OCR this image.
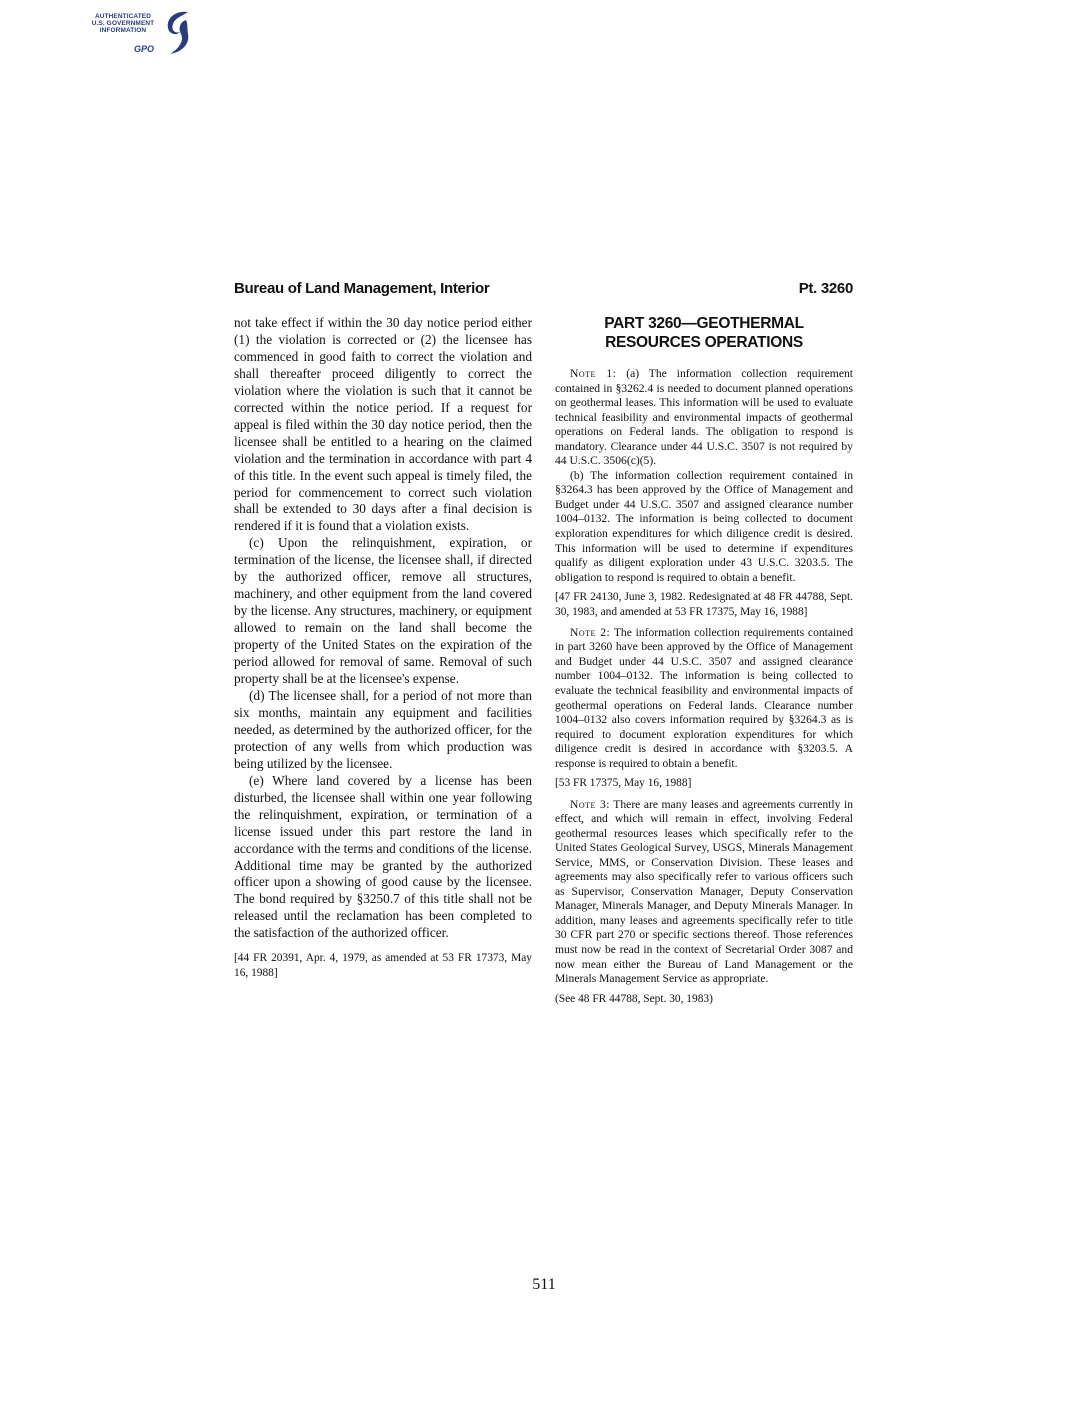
AUTHENTICATED
U.S. GOVERNMENT
INFORMATION
GPO
Bureau of Land Management, Interior	Pt. 3260

not take effect if within the 30 day notice period either (1) the violation is corrected or (2) the licensee has commenced in good faith to correct the violation and shall thereafter proceed diligently to correct the violation where the violation is such that it cannot be corrected within the notice period. If a request for appeal is filed within the 30 day notice period, then the licensee shall be entitled to a hearing on the claimed violation and the termination in accordance with part 4 of this title. In the event such appeal is timely filed, the period for commencement to correct such violation shall be extended to 30 days after a final decision is rendered if it is found that a violation exists.

(c) Upon the relinquishment, expiration, or termination of the license, the licensee shall, if directed by the authorized officer, remove all structures, machinery, and other equipment from the land covered by the license. Any structures, machinery, or equipment allowed to remain on the land shall become the property of the United States on the expiration of the period allowed for removal of same. Removal of such property shall be at the licensee's expense.

(d) The licensee shall, for a period of not more than six months, maintain any equipment and facilities needed, as determined by the authorized officer, for the protection of any wells from which production was being utilized by the licensee.

(e) Where land covered by a license has been disturbed, the licensee shall within one year following the relinquishment, expiration, or termination of a license issued under this part restore the land in accordance with the terms and conditions of the license. Additional time may be granted by the authorized officer upon a showing of good cause by the licensee. The bond required by §3250.7 of this title shall not be released until the reclamation has been completed to the satisfaction of the authorized officer.

[44 FR 20391, Apr. 4, 1979, as amended at 53 FR 17373, May 16, 1988]

PART 3260—GEOTHERMAL
RESOURCES OPERATIONS

Note 1: (a) The information collection requirement contained in §3262.4 is needed to document planned operations on geothermal leases. This information will be used to evaluate technical feasibility and environmental impacts of geothermal operations on Federal lands. The obligation to respond is mandatory. Clearance under 44 U.S.C. 3507 is not required by 44 U.S.C. 3506(c)(5).

(b) The information collection requirement contained in §3264.3 has been approved by the Office of Management and Budget under 44 U.S.C. 3507 and assigned clearance number 1004–0132. The information is being collected to document exploration expenditures for which diligence credit is desired. This information will be used to determine if expenditures qualify as diligent exploration under 43 U.S.C. 3203.5. The obligation to respond is required to obtain a benefit.

[47 FR 24130, June 3, 1982. Redesignated at 48 FR 44788, Sept. 30, 1983, and amended at 53 FR 17375, May 16, 1988]

Note 2: The information collection requirements contained in part 3260 have been approved by the Office of Management and Budget under 44 U.S.C. 3507 and assigned clearance number 1004–0132. The information is being collected to evaluate the technical feasibility and environmental impacts of geothermal operations on Federal lands. Clearance number 1004–0132 also covers information required by §3264.3 as is required to document exploration expenditures for which diligence credit is desired in accordance with §3203.5. A response is required to obtain a benefit.

[53 FR 17375, May 16, 1988]

Note 3: There are many leases and agreements currently in effect, and which will remain in effect, involving Federal geothermal resources leases which specifically refer to the United States Geological Survey, USGS, Minerals Management Service, MMS, or Conservation Division. These leases and agreements may also specifically refer to various officers such as Supervisor, Conservation Manager, Deputy Conservation Manager, Minerals Manager, and Deputy Minerals Manager. In addition, many leases and agreements specifically refer to title 30 CFR part 270 or specific sections thereof. Those references must now be read in the context of Secretarial Order 3087 and now mean either the Bureau of Land Management or the Minerals Management Service as appropriate.

(See 48 FR 44788, Sept. 30, 1983)

511
